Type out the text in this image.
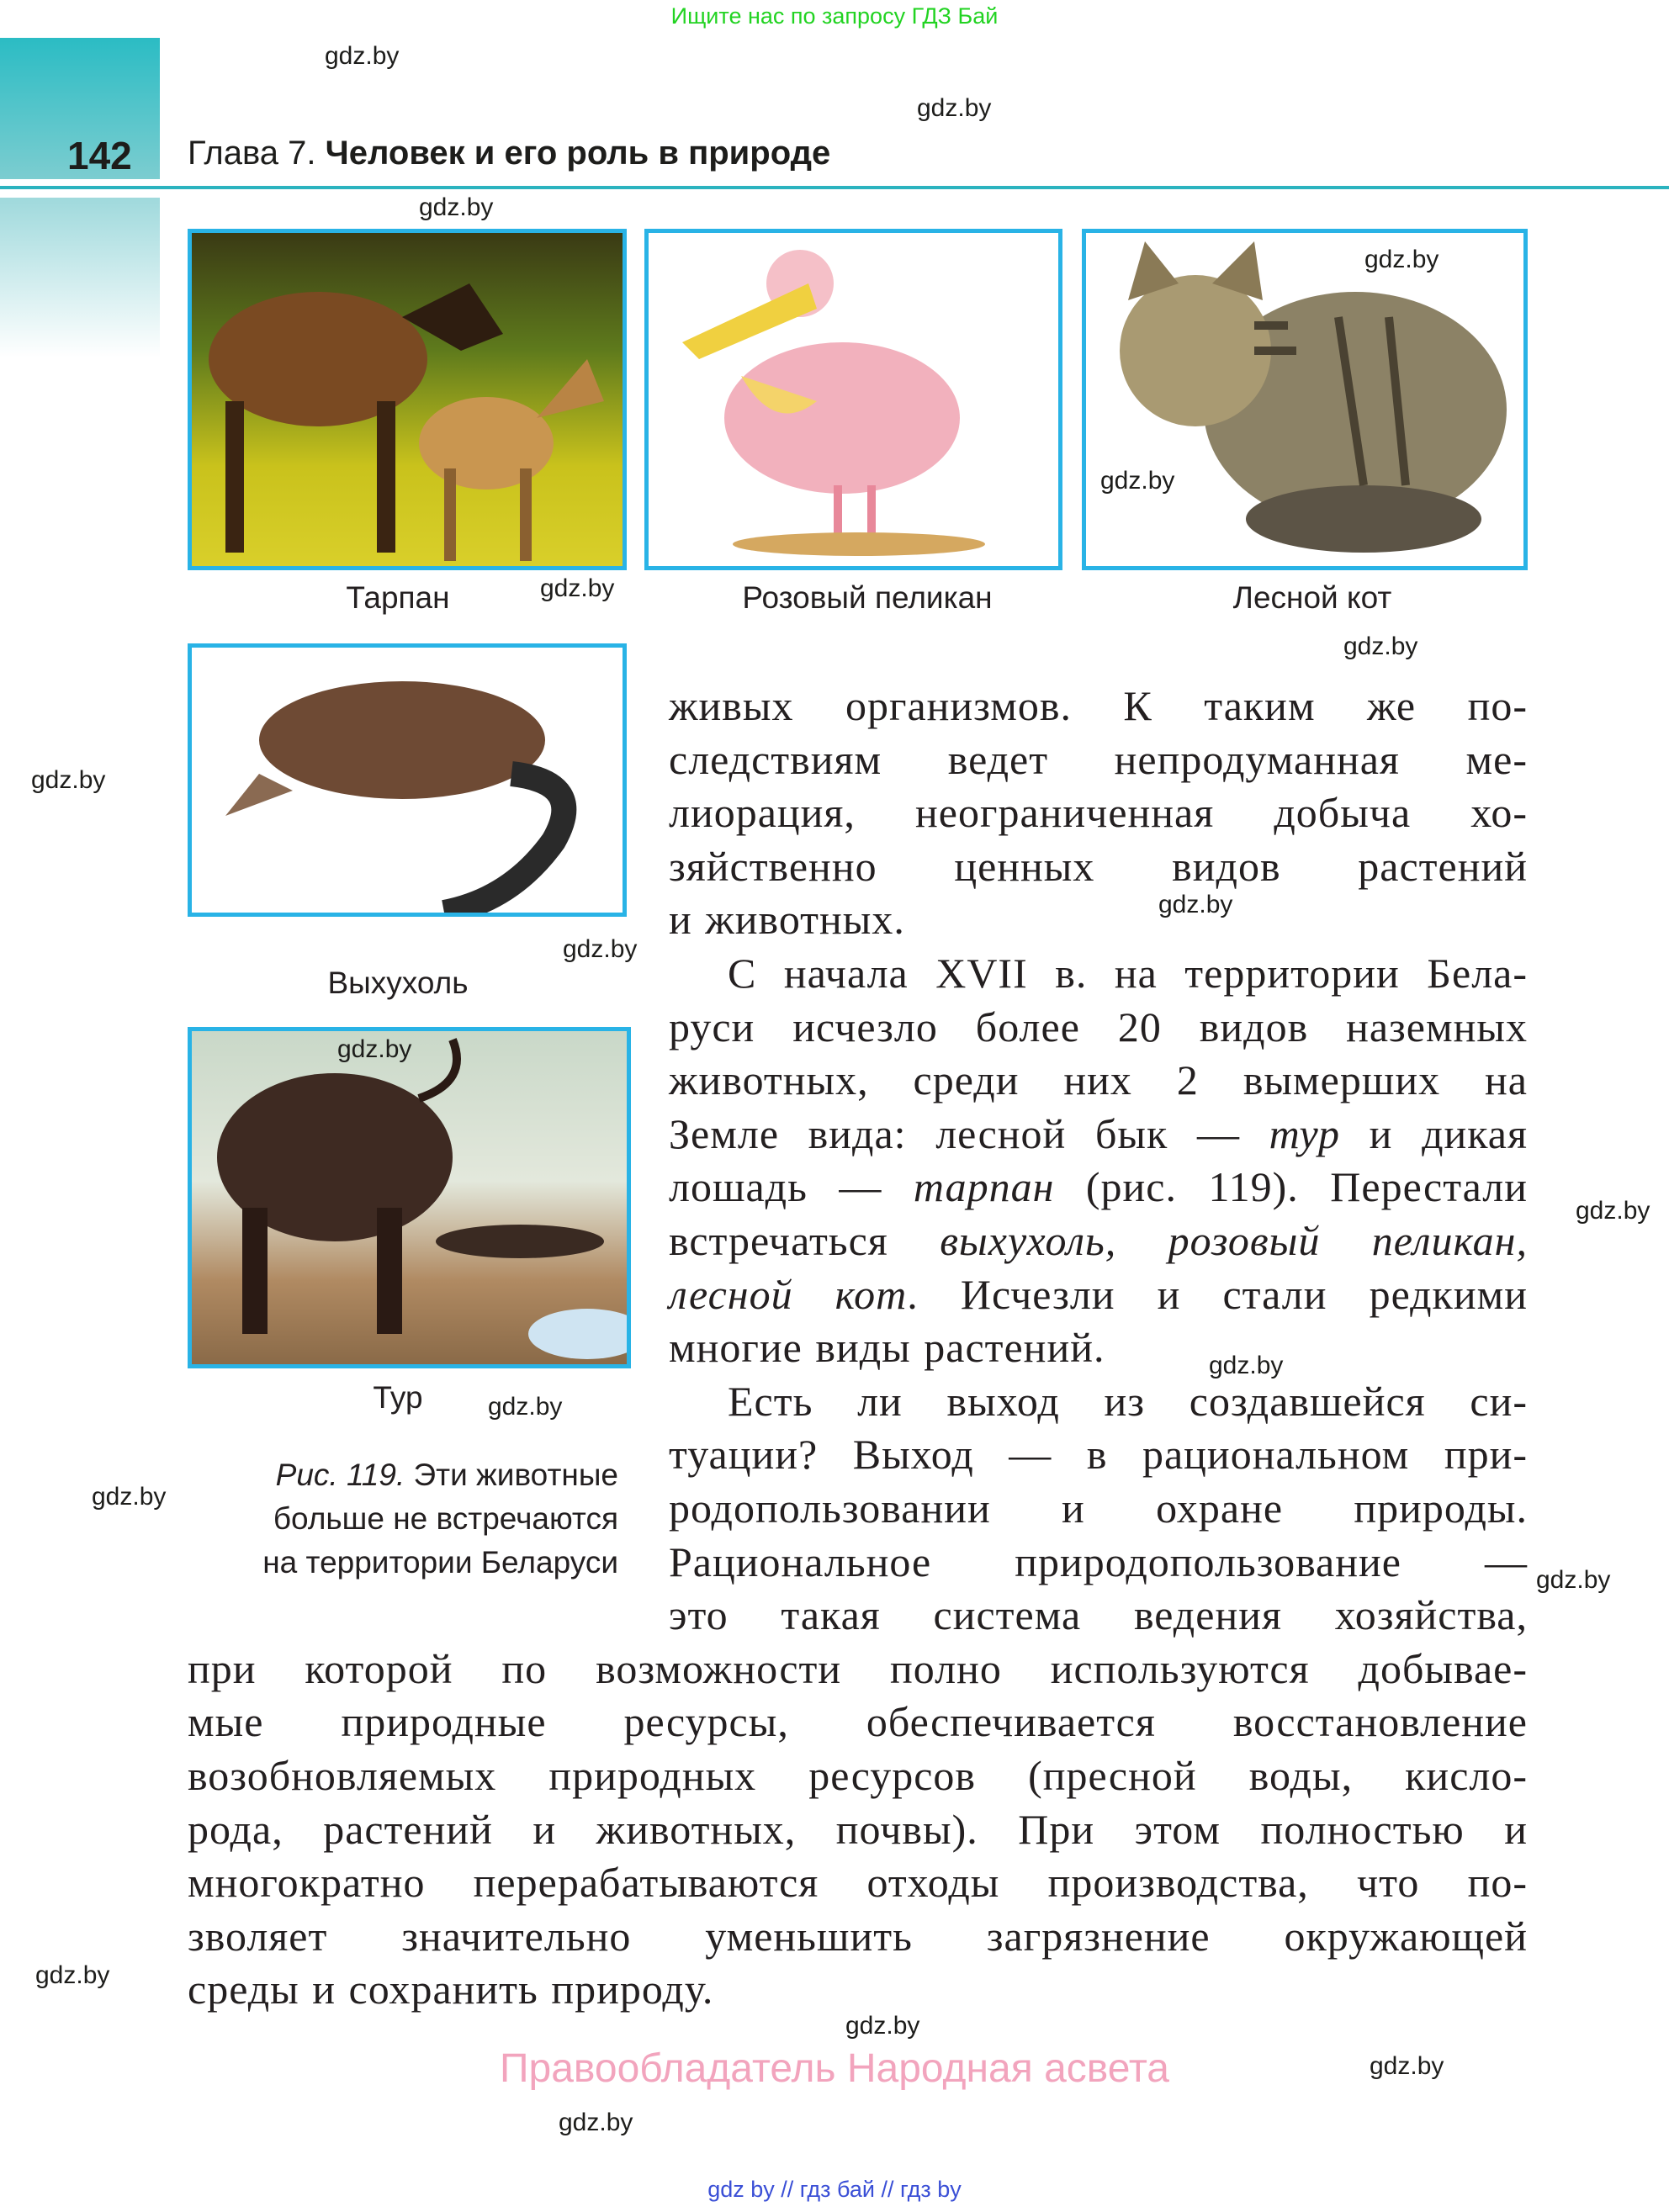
Ищите нас по запросу ГДЗ Бай
142 Глава 7. Человек и его роль в природе
Тарпан	Розовый пеликан	Лесной кот
Выхухоль
Тур
Рис. 119. Эти животные
больше не встречаются
на территории Беларуси
живых организмов. К таким же по-
следствиям ведет непродуманная ме-
лиорация, неограниченная добыча хо-
зяйственно ценных видов растений
и животных.
С начала XVII в. на территории Бела-
руси исчезло более 20 видов наземных
животных, среди них 2 вымерших на
Земле вида: лесной бык — тур и дикая
лошадь — тарпан (рис. 119). Перестали
встречаться выхухоль, розовый пеликан,
лесной кот. Исчезли и стали редкими
многие виды растений.
Есть ли выход из создавшейся си-
туации? Выход — в рациональном при-
родопользовании и охране природы.
Рациональное природопользование —
это такая система ведения хозяйства,
при которой по возможности полно используются добывае-
мые природные ресурсы, обеспечивается восстановление
возобновляемых природных ресурсов (пресной воды, кисло-
рода, растений и животных, почвы). При этом полностью и
многократно перерабатываются отходы производства, что по-
зволяет значительно уменьшить загрязнение окружающей
среды и сохранить природу.
gdz.by
gdz.by
gdz.by
gdz.by
gdz.by
gdz.by
gdz.by
gdz.by
gdz.by
gdz.by
gdz.by
gdz.by
gdz.by
gdz.by
gdz.by
gdz.by
gdz.by
gdz.by
gdz.by
gdz.by
Правообладатель Народная асвета
gdz by // гдз бай // гдз by
